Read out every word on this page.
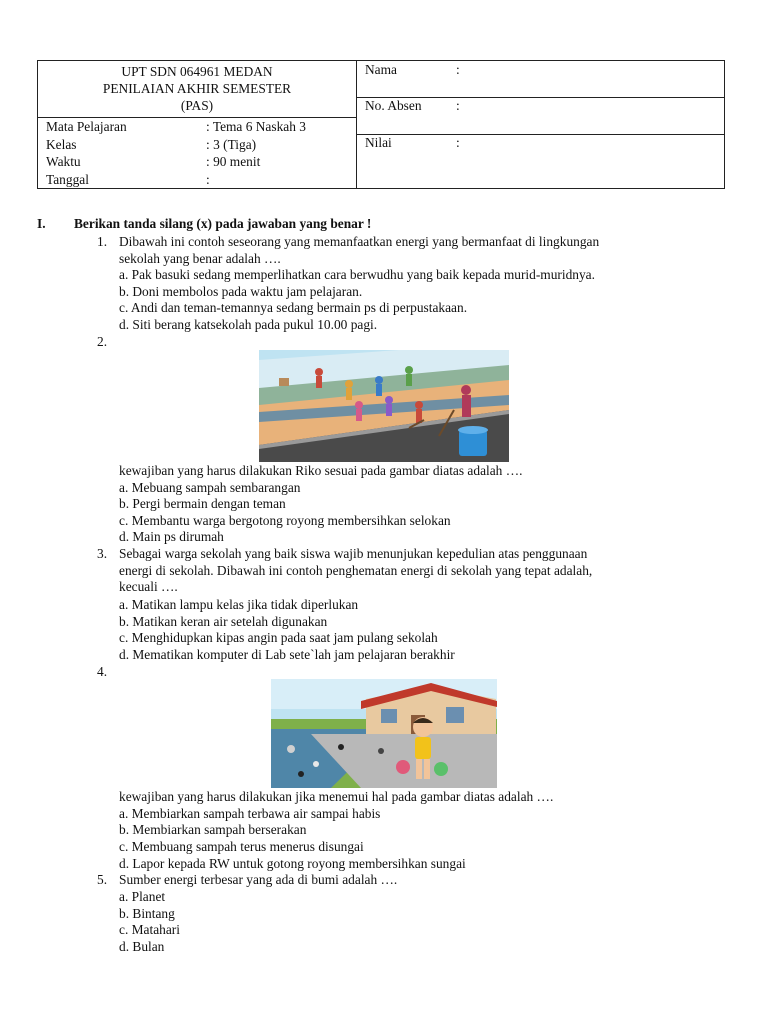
UPT SDN 064961 MEDAN
PENILAIAN AKHIR SEMESTER
(PAS)
Mata Pelajaran	: Tema 6 Naskah 3
Kelas	: 3 (Tiga)
Waktu	: 90 menit
Tanggal	:
Nama	:
No. Absen	:
Nilai	:
I.	Berikan tanda silang (x) pada jawaban yang benar !
1. Dibawah ini contoh seseorang yang memanfaatkan energi yang bermanfaat di lingkungan
sekolah yang benar adalah ….
a. Pak basuki sedang memperlihatkan cara berwudhu yang baik kepada murid-muridnya.
b. Doni membolos pada waktu jam pelajaran.
c. Andi dan teman-temannya sedang bermain ps di perpustakaan.
d. Siti berang katsekolah pada pukul 10.00 pagi.
2.
kewajiban yang harus dilakukan Riko sesuai pada gambar diatas adalah ….
a. Mebuang sampah sembarangan
b. Pergi bermain dengan teman
c. Membantu warga bergotong royong membersihkan selokan
d. Main ps dirumah
3. Sebagai warga sekolah yang baik siswa wajib menunjukan kepedulian atas penggunaan
energi di sekolah. Dibawah ini contoh penghematan energi di sekolah yang tepat adalah,
kecuali ….
a. Matikan lampu kelas jika tidak diperlukan
b. Matikan keran air setelah digunakan
c. Menghidupkan kipas angin pada saat jam pulang sekolah
d. Mematikan komputer di Lab sete`lah jam pelajaran berakhir
4.
kewajiban yang harus dilakukan jika menemui hal pada gambar diatas adalah ….
a. Membiarkan sampah terbawa air sampai habis
b. Membiarkan sampah berserakan
c. Membuang sampah terus menerus disungai
d. Lapor kepada RW untuk gotong royong membersihkan sungai
5. Sumber energi terbesar yang ada di bumi adalah ….
a. Planet
b. Bintang
c. Matahari
d. Bulan
